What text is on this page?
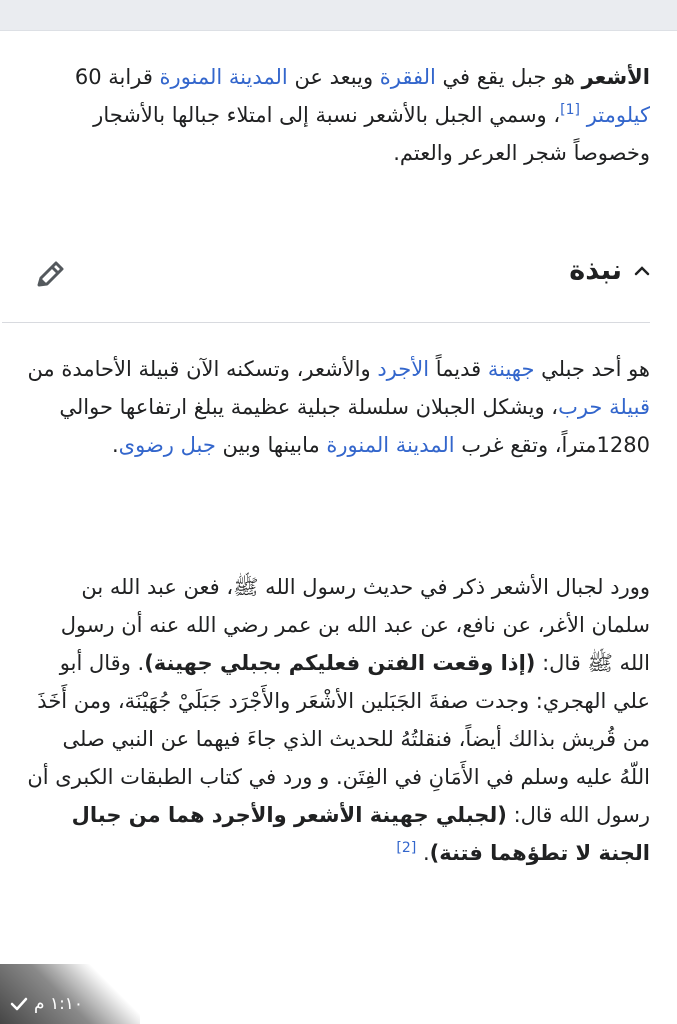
الأشعر هو جبل يقع في الفقرة ويبعد عن المدينة المنورة قرابة 60 كيلومتر [1]، وسمي الجبل بالأشعر نسبة إلى امتلاء جبالها بالأشجار وخصوصاً شجر العرعر والعتم.

نبذة

هو أحد جبلي جهينة قديماً الأجرد والأشعر، وتسكنه الآن قبيلة الأحامدة من قبيلة حرب، ويشكل الجبلان سلسلة جبلية عظيمة يبلغ ارتفاعها حوالي 1280متراً، وتقع غرب المدينة المنورة مابينها وبين جبل رضوى.

وورد لجبال الأشعر ذكر في حديث رسول الله ﷺ، فعن عبد الله بن سلمان الأغر، عن نافع، عن عبد الله بن عمر رضي الله عنه أن رسول الله ﷺ قال: (إذا وقعت الفتن فعليكم بجبلي جهينة). وقال أبو علي الهجري: وجدت صفةَ الجَبَلين الأشْعَر والأَجْرَد جَبَلَيْ جُهَيْنَة، ومن أَخَذَ من قُريش بذالك أيضاً، فنقلتُهُ للحديث الذي جاءَ فيهما عن النبي صلى اللّهُ عليه وسلم في الأَمَانِ في الفِتَن. و ورد في كتاب الطبقات الكبرى أن رسول الله قال: (لجبلي جهينة الأشعر والأجرد هما من جبال الجنة لا تطؤهما فتنة). [2]

١:١٠ م
